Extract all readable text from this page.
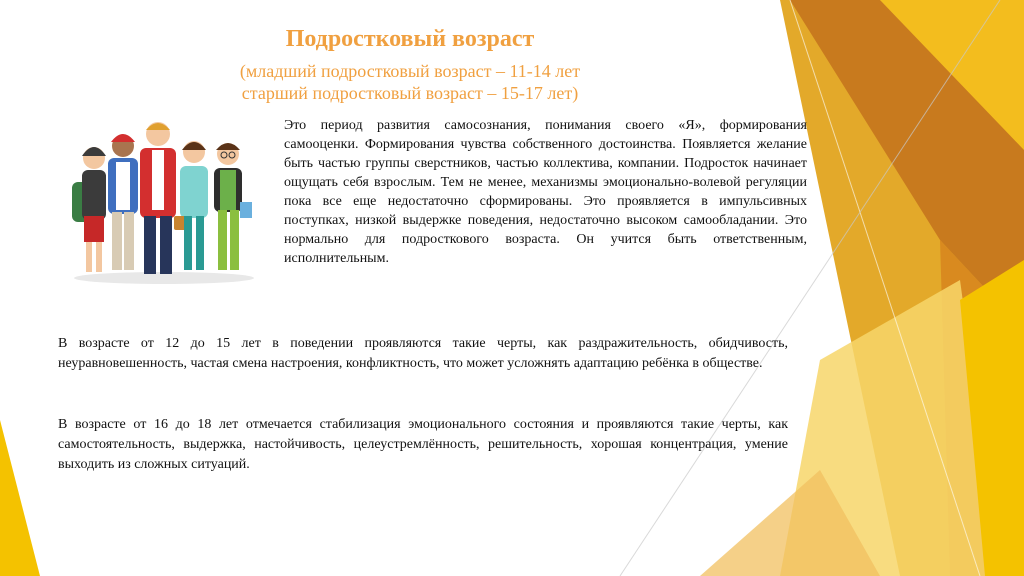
Подростковый возраст
(младший подростковый возраст – 11-14 лет
старший подростковый возраст – 15-17 лет)
Это период развития самосознания, понимания своего «Я», формирования самооценки. Формирования чувства собственного достоинства. Появляется желание быть частью группы сверстников, частью коллектива, компании. Подросток начинает ощущать себя взрослым. Тем не менее, механизмы эмоционально-волевой регуляции пока все еще недостаточно сформированы. Это проявляется в импульсивных поступках, низкой выдержке поведения, недостаточно высоком самообладании. Это нормально для подросткового возраста. Он учится быть ответственным, исполнительным.
В возрасте от 12 до 15 лет в поведении проявляются такие черты, как раздражительность, обидчивость, неуравновешенность, частая смена настроения, конфликтность, что может усложнять адаптацию ребёнка в обществе.
В возрасте от 16 до 18 лет отмечается стабилизация эмоционального состояния и проявляются такие черты, как самостоятельность, выдержка, настойчивость, целеустремлённость, решительность, хорошая концентрация, умение выходить из сложных ситуаций.
